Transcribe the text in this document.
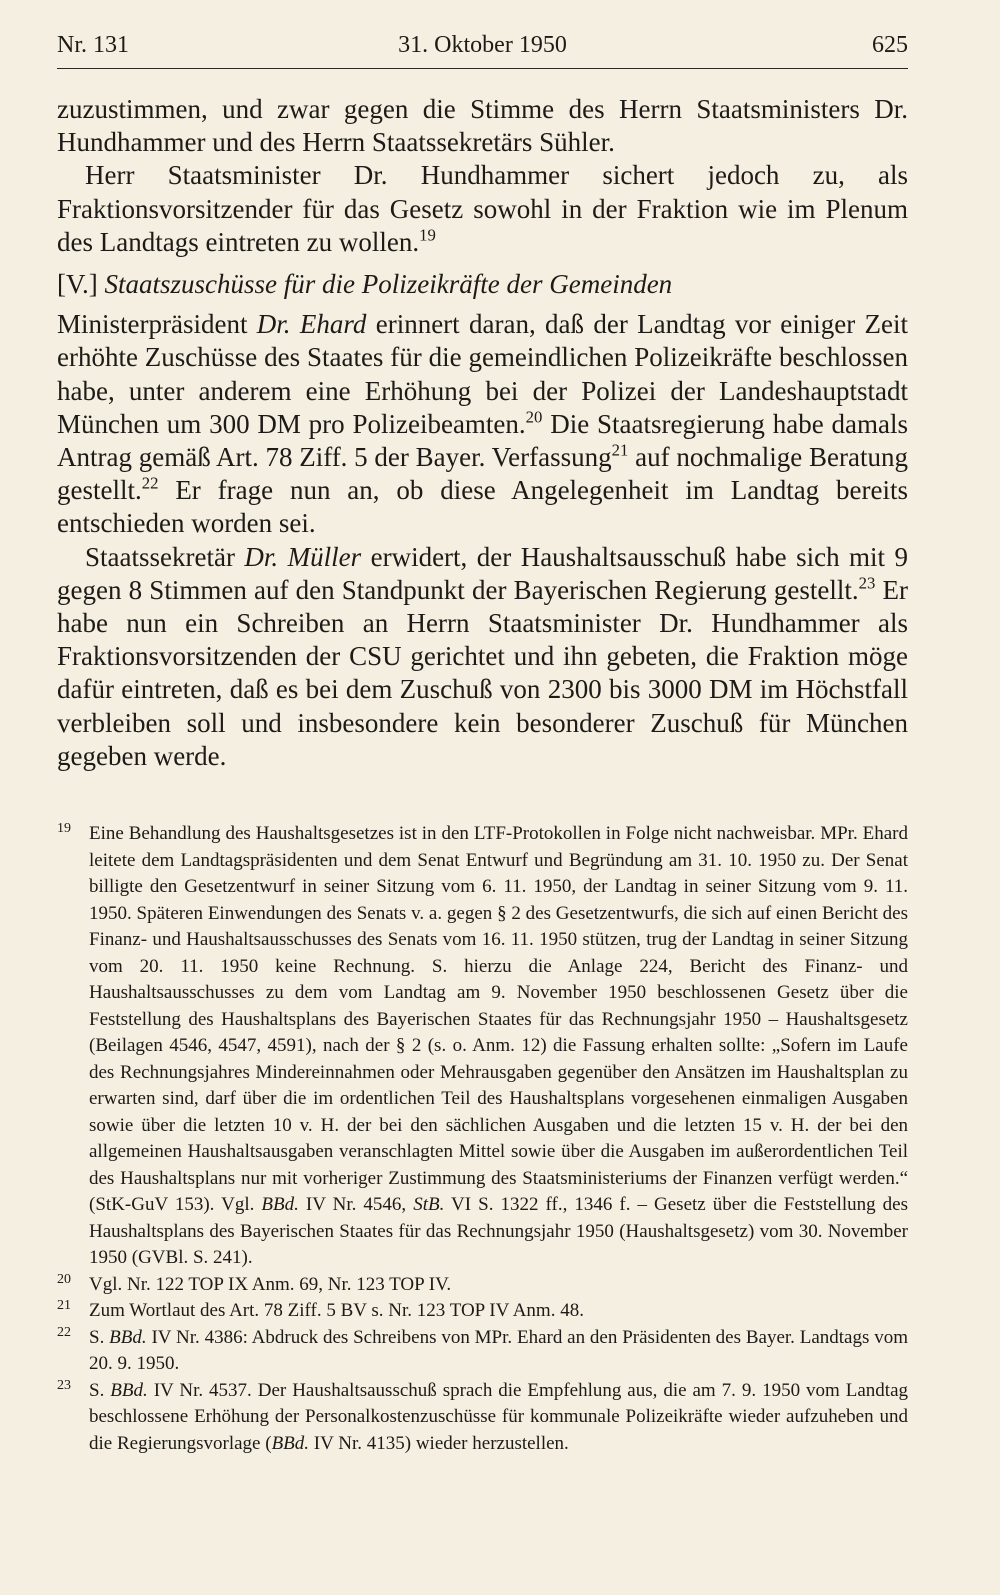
Nr. 131	31. Oktober 1950	625

zuzustimmen, und zwar gegen die Stimme des Herrn Staatsministers Dr. Hundhammer und des Herrn Staatssekretärs Sühler.

Herr Staatsminister Dr. Hundhammer sichert jedoch zu, als Fraktionsvorsitzender für das Gesetz sowohl in der Fraktion wie im Plenum des Landtags eintreten zu wollen.$^{19}$

[V.] Staatszuschüsse für die Polizeikräfte der Gemeinden

Ministerpräsident Dr. Ehard erinnert daran, daß der Landtag vor einiger Zeit erhöhte Zuschüsse des Staates für die gemeindlichen Polizeikräfte beschlossen habe, unter anderem eine Erhöhung bei der Polizei der Landeshauptstadt München um 300 DM pro Polizeibeamten.$^{20}$ Die Staatsregierung habe damals Antrag gemäß Art. 78 Ziff. 5 der Bayer. Verfassung$^{21}$ auf nochmalige Beratung gestellt.$^{22}$ Er frage nun an, ob diese Angelegenheit im Landtag bereits entschieden worden sei.

Staatssekretär Dr. Müller erwidert, der Haushaltsausschuß habe sich mit 9 gegen 8 Stimmen auf den Standpunkt der Bayerischen Regierung gestellt.$^{23}$ Er habe nun ein Schreiben an Herrn Staatsminister Dr. Hundhammer als Fraktionsvorsitzenden der CSU gerichtet und ihn gebeten, die Fraktion möge dafür eintreten, daß es bei dem Zuschuß von 2300 bis 3000 DM im Höchstfall verbleiben soll und insbesondere kein besonderer Zuschuß für München gegeben werde.

19 Eine Behandlung des Haushaltsgesetzes ist in den LTF-Protokollen in Folge nicht nachweisbar. MPr. Ehard leitete dem Landtagspräsidenten und dem Senat Entwurf und Begründung am 31. 10. 1950 zu. Der Senat billigte den Gesetzentwurf in seiner Sitzung vom 6. 11. 1950, der Landtag in seiner Sitzung vom 9. 11. 1950. Späteren Einwendungen des Senats v. a. gegen § 2 des Gesetzentwurfs, die sich auf einen Bericht des Finanz- und Haushaltsausschusses des Senats vom 16. 11. 1950 stützen, trug der Landtag in seiner Sitzung vom 20. 11. 1950 keine Rechnung. S. hierzu die Anlage 224, Bericht des Finanz- und Haushaltsausschusses zu dem vom Landtag am 9. November 1950 beschlossenen Gesetz über die Feststellung des Haushaltsplans des Bayerischen Staates für das Rechnungsjahr 1950 – Haushaltsgesetz (Beilagen 4546, 4547, 4591), nach der § 2 (s. o. Anm. 12) die Fassung erhalten sollte: „Sofern im Laufe des Rechnungsjahres Mindereinnahmen oder Mehrausgaben gegenüber den Ansätzen im Haushaltsplan zu erwarten sind, darf über die im ordentlichen Teil des Haushaltsplans vorgesehenen einmaligen Ausgaben sowie über die letzten 10 v. H. der bei den sächlichen Ausgaben und die letzten 15 v. H. der bei den allgemeinen Haushaltsausgaben veranschlagten Mittel sowie über die Ausgaben im außerordentlichen Teil des Haushaltsplans nur mit vorheriger Zustimmung des Staatsministeriums der Finanzen verfügt werden.“ (StK-GuV 153). Vgl. BBd. IV Nr. 4546, StB. VI S. 1322 ff., 1346 f. – Gesetz über die Feststellung des Haushaltsplans des Bayerischen Staates für das Rechnungsjahr 1950 (Haushaltsgesetz) vom 30. November 1950 (GVBl. S. 241).

20 Vgl. Nr. 122 TOP IX Anm. 69, Nr. 123 TOP IV.

21 Zum Wortlaut des Art. 78 Ziff. 5 BV s. Nr. 123 TOP IV Anm. 48.

22 S. BBd. IV Nr. 4386: Abdruck des Schreibens von MPr. Ehard an den Präsidenten des Bayer. Landtags vom 20. 9. 1950.

23 S. BBd. IV Nr. 4537. Der Haushaltsausschuß sprach die Empfehlung aus, die am 7. 9. 1950 vom Landtag beschlossene Erhöhung der Personalkostenzuschüsse für kommunale Polizeikräfte wieder aufzuheben und die Regierungsvorlage (BBd. IV Nr. 4135) wieder herzustellen.
